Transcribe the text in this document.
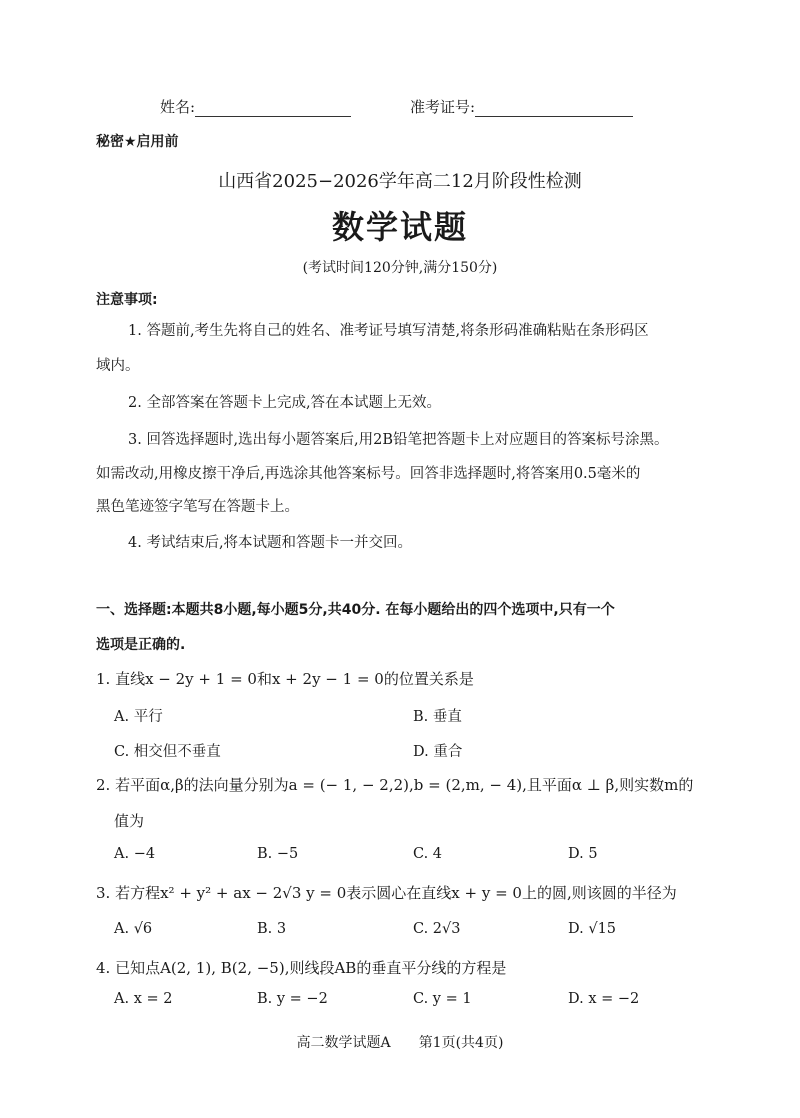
姓名:	准考证号:
秘密★启用前
山西省2025−2026学年高二12月阶段性检测
数学试题
(考试时间120分钟,满分150分)
注意事项:
1. 答题前,考生先将自己的姓名、准考证号填写清楚,将条形码准确粘贴在条形码区
域内。
2. 全部答案在答题卡上完成,答在本试题上无效。
3. 回答选择题时,选出每小题答案后,用2B铅笔把答题卡上对应题目的答案标号涂黑。
如需改动,用橡皮擦干净后,再选涂其他答案标号。回答非选择题时,将答案用0.5毫米的
黑色笔迹签字笔写在答题卡上。
4. 考试结束后,将本试题和答题卡一并交回。
一、选择题:本题共8小题,每小题5分,共40分. 在每小题给出的四个选项中,只有一个
选项是正确的.
1. 直线x − 2y + 1 = 0和x + 2y − 1 = 0的位置关系是
A. 平行	B. 垂直
C. 相交但不垂直	D. 重合
2. 若平面α,β的法向量分别为a = (− 1, − 2,2),b = (2,m, − 4),且平面α ⊥ β,则实数m的
值为
A. −4	B. −5	C. 4	D. 5
3. 若方程x² + y² + ax − 2√3 y = 0表示圆心在直线x + y = 0上的圆,则该圆的半径为
A. √6	B. 3	C. 2√3	D. √15
4. 已知点A(2, 1), B(2, −5),则线段AB的垂直平分线的方程是
A. x = 2	B. y = −2	C. y = 1	D. x = −2
高二数学试题A 第1页(共4页)
